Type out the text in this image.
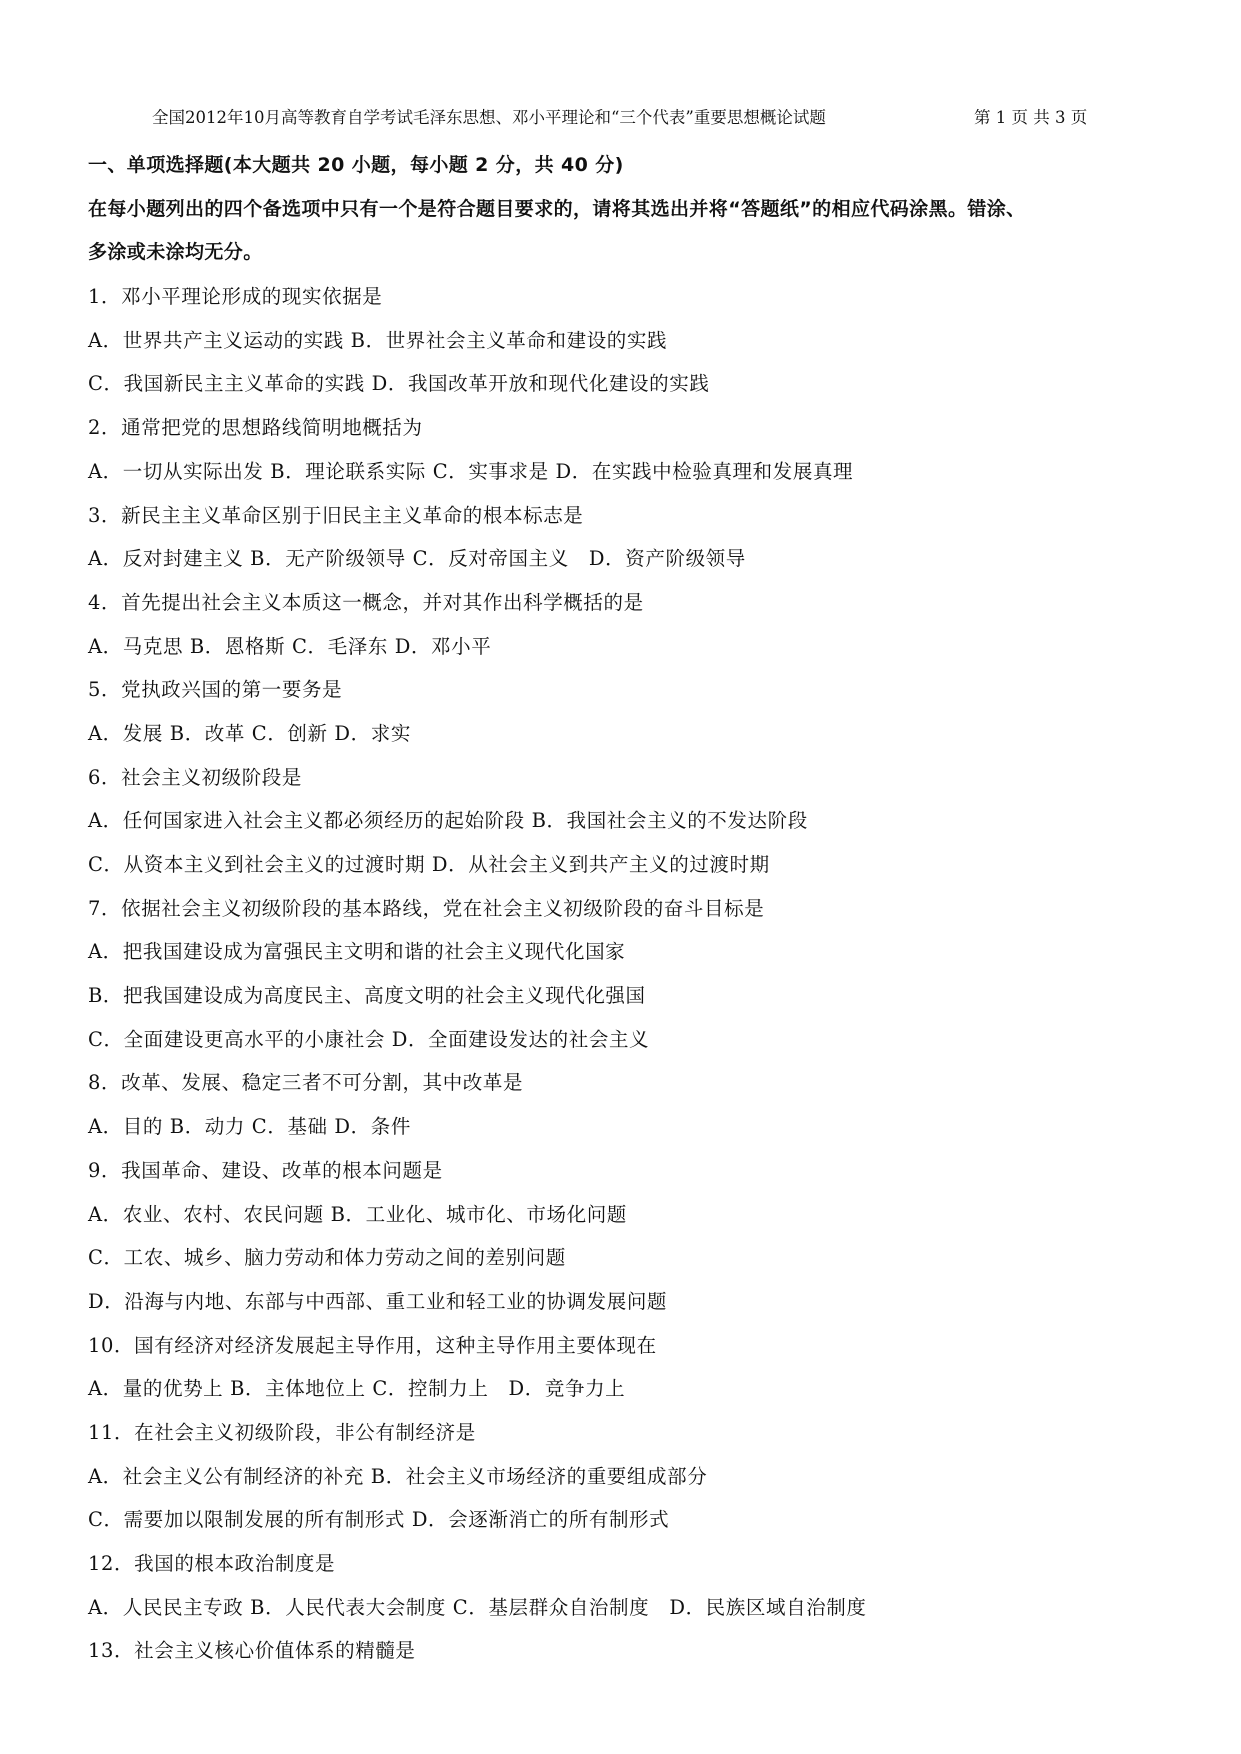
全国2012年10月高等教育自学考试毛泽东思想、邓小平理论和“三个代表”重要思想概论试题	第 1 页 共 3 页
一、单项选择题(本大题共 20 小题，每小题 2 分，共 40 分)
在每小题列出的四个备选项中只有一个是符合题目要求的，请将其选出并将“答题纸”的相应代码涂黑。错涂、
多涂或未涂均无分。
1．邓小平理论形成的现实依据是
A．世界共产主义运动的实践 B．世界社会主义革命和建设的实践
C．我国新民主主义革命的实践 D．我国改革开放和现代化建设的实践
2．通常把党的思想路线简明地概括为
A．一切从实际出发 B．理论联系实际 C．实事求是 D．在实践中检验真理和发展真理
3．新民主主义革命区别于旧民主主义革命的根本标志是
A．反对封建主义 B．无产阶级领导 C．反对帝国主义　D．资产阶级领导
4．首先提出社会主义本质这一概念，并对其作出科学概括的是
A．马克思 B．恩格斯 C．毛泽东 D．邓小平
5．党执政兴国的第一要务是
A．发展 B．改革 C．创新 D．求实
6．社会主义初级阶段是
A．任何国家进入社会主义都必须经历的起始阶段 B．我国社会主义的不发达阶段
C．从资本主义到社会主义的过渡时期 D．从社会主义到共产主义的过渡时期
7．依据社会主义初级阶段的基本路线，党在社会主义初级阶段的奋斗目标是
A．把我国建设成为富强民主文明和谐的社会主义现代化国家
B．把我国建设成为高度民主、高度文明的社会主义现代化强国
C．全面建设更高水平的小康社会 D．全面建设发达的社会主义
8．改革、发展、稳定三者不可分割，其中改革是
A．目的 B．动力 C．基础 D．条件
9．我国革命、建设、改革的根本问题是
A．农业、农村、农民问题 B．工业化、城市化、市场化问题
C．工农、城乡、脑力劳动和体力劳动之间的差别问题
D．沿海与内地、东部与中西部、重工业和轻工业的协调发展问题
10．国有经济对经济发展起主导作用，这种主导作用主要体现在
A．量的优势上 B．主体地位上 C．控制力上　D．竞争力上
11．在社会主义初级阶段，非公有制经济是
A．社会主义公有制经济的补充 B．社会主义市场经济的重要组成部分
C．需要加以限制发展的所有制形式 D．会逐渐消亡的所有制形式
12．我国的根本政治制度是
A．人民民主专政 B．人民代表大会制度 C．基层群众自治制度　D．民族区域自治制度
13．社会主义核心价值体系的精髓是
